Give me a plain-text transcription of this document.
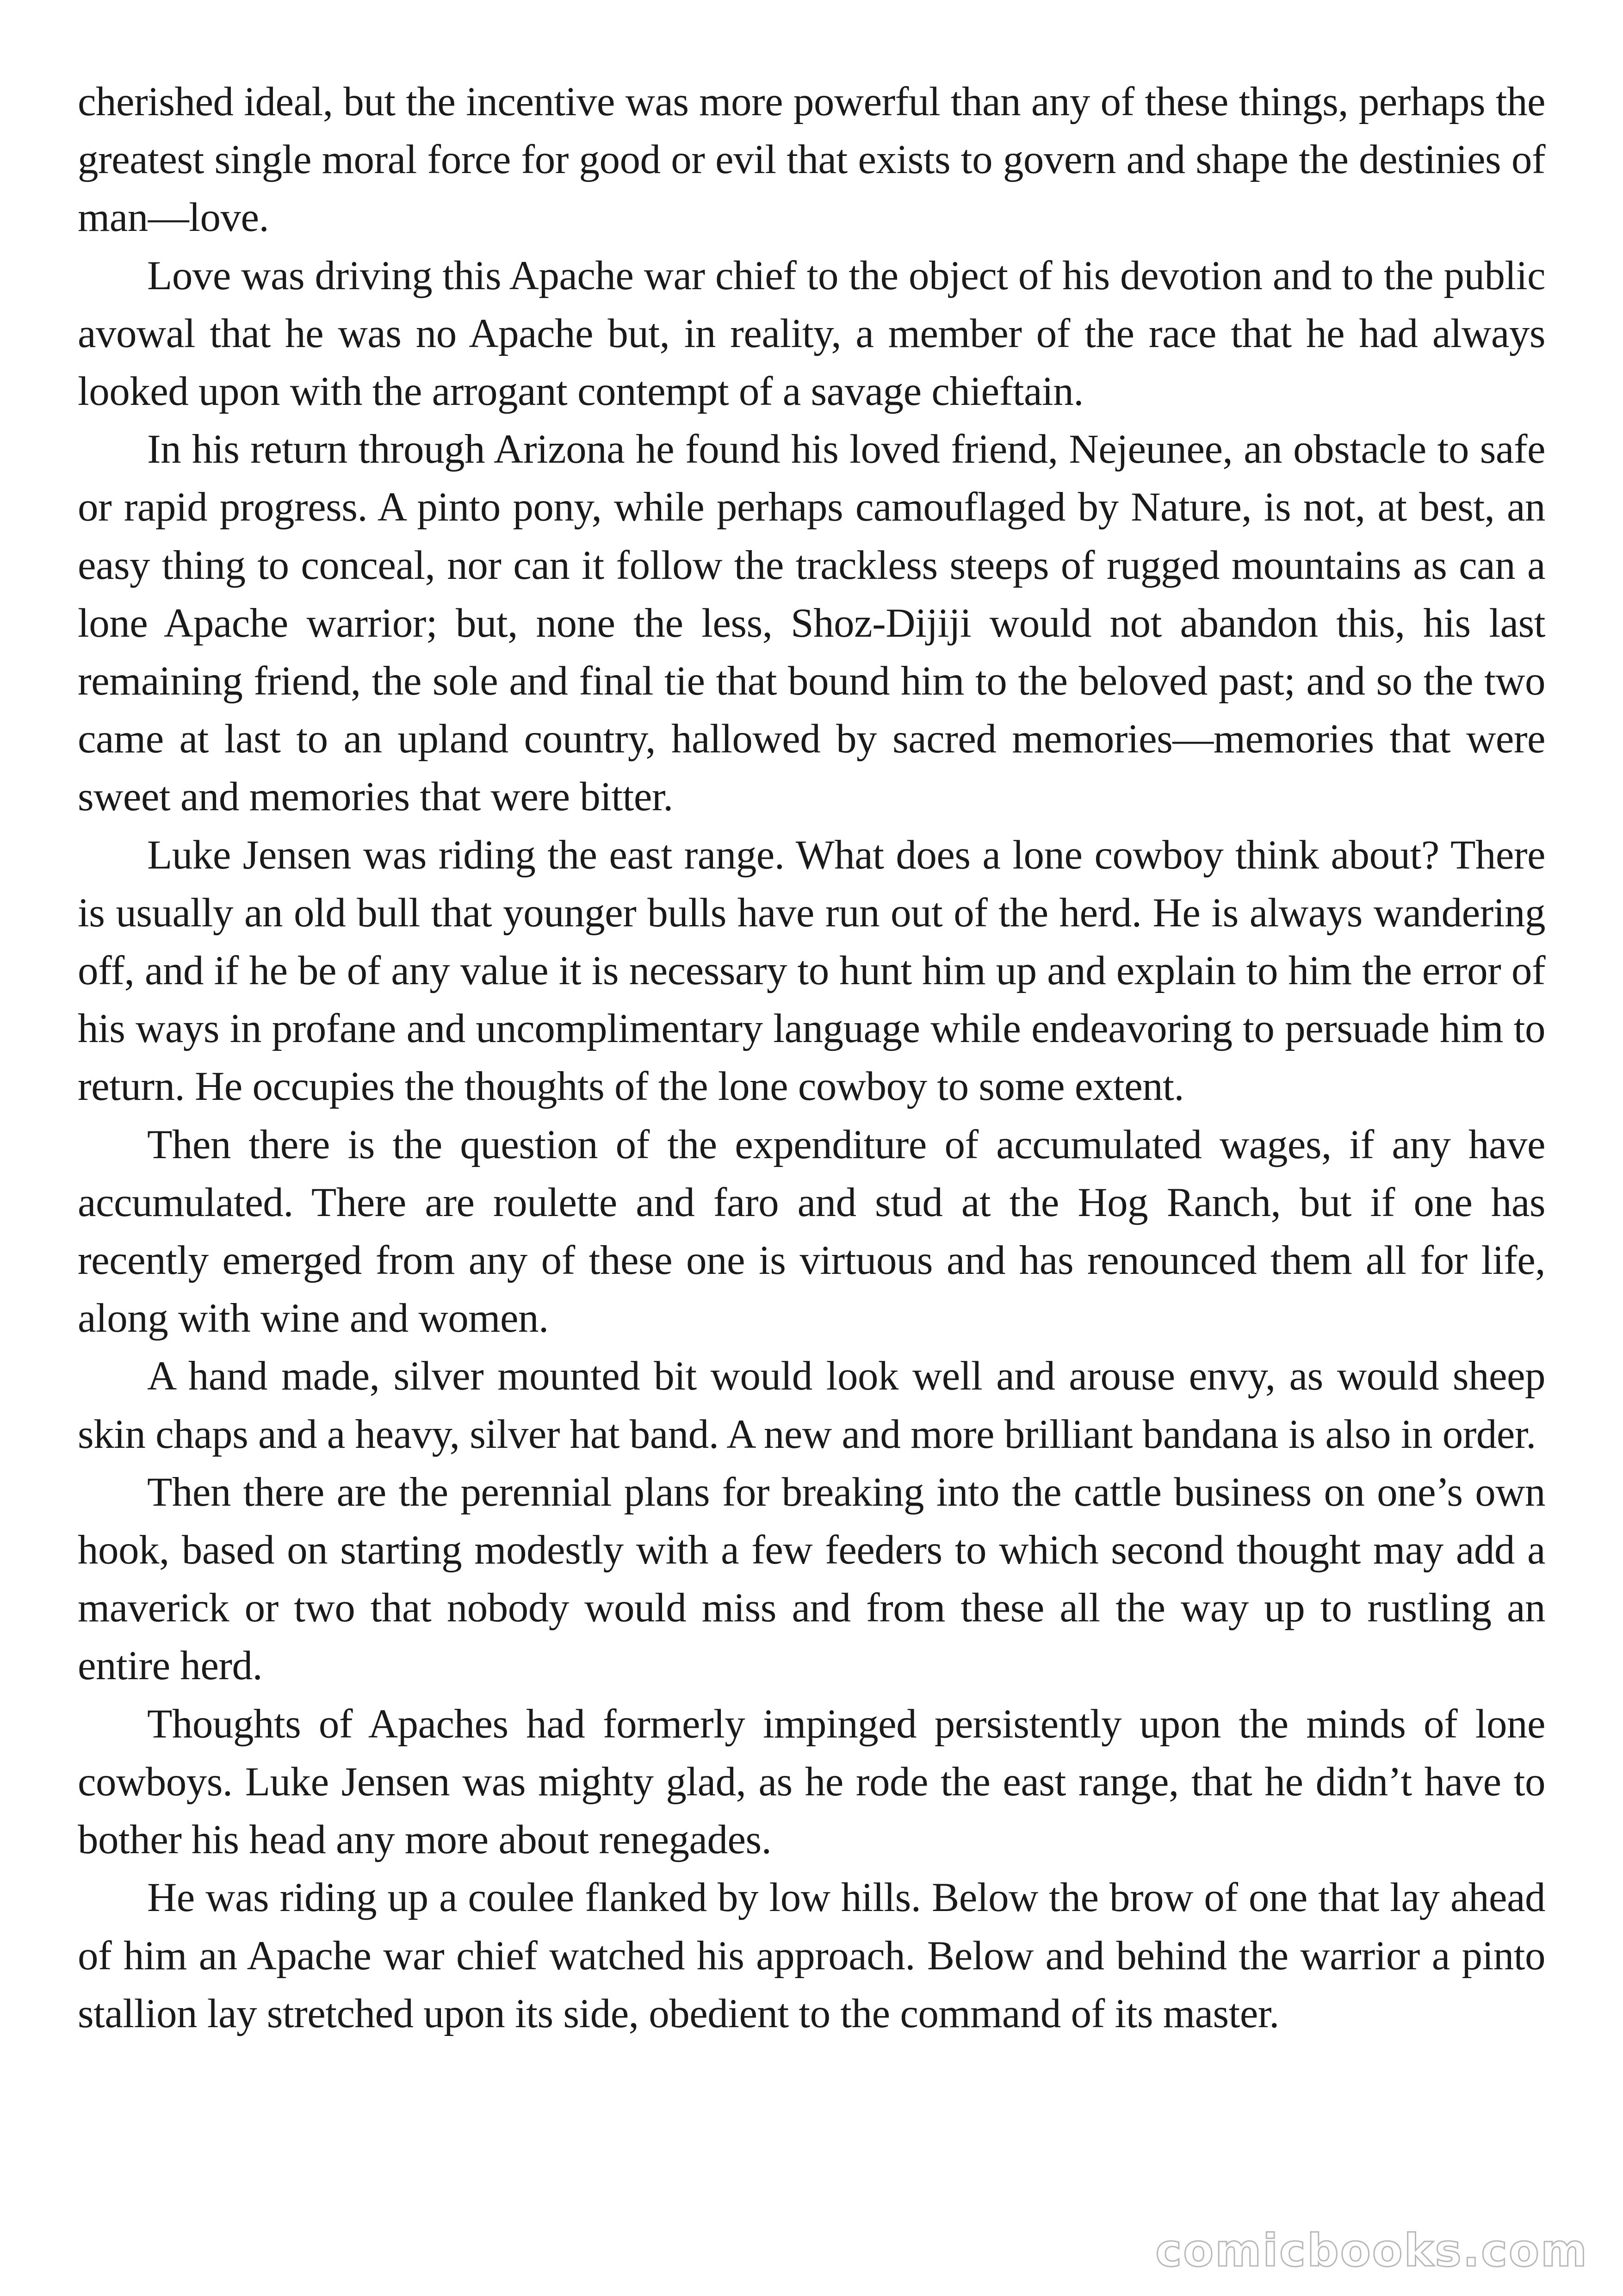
cherished ideal, but the incentive was more powerful than any of these things, perhaps the greatest single moral force for good or evil that exists to govern and shape the destinies of man—love.

Love was driving this Apache war chief to the object of his devotion and to the public avowal that he was no Apache but, in reality, a member of the race that he had always looked upon with the arrogant contempt of a savage chieftain.

In his return through Arizona he found his loved friend, Nejeunee, an obstacle to safe or rapid progress. A pinto pony, while perhaps camouflaged by Nature, is not, at best, an easy thing to conceal, nor can it follow the trackless steeps of rugged mountains as can a lone Apache warrior; but, none the less, Shoz-Dijiji would not abandon this, his last remaining friend, the sole and final tie that bound him to the beloved past; and so the two came at last to an upland country, hallowed by sacred memories—memories that were sweet and memories that were bitter.

Luke Jensen was riding the east range. What does a lone cowboy think about? There is usually an old bull that younger bulls have run out of the herd. He is always wandering off, and if he be of any value it is necessary to hunt him up and explain to him the error of his ways in profane and uncomplimentary language while endeavoring to persuade him to return. He occupies the thoughts of the lone cowboy to some extent.

Then there is the question of the expenditure of accumulated wages, if any have accumulated. There are roulette and faro and stud at the Hog Ranch, but if one has recently emerged from any of these one is virtuous and has renounced them all for life, along with wine and women.

A hand made, silver mounted bit would look well and arouse envy, as would sheep skin chaps and a heavy, silver hat band. A new and more brilliant bandana is also in order.

Then there are the perennial plans for breaking into the cattle business on one’s own hook, based on starting modestly with a few feeders to which second thought may add a maverick or two that nobody would miss and from these all the way up to rustling an entire herd.

Thoughts of Apaches had formerly impinged persistently upon the minds of lone cowboys. Luke Jensen was mighty glad, as he rode the east range, that he didn’t have to bother his head any more about renegades.

He was riding up a coulee flanked by low hills. Below the brow of one that lay ahead of him an Apache war chief watched his approach. Below and behind the warrior a pinto stallion lay stretched upon its side, obedient to the command of its master.

comicbooks.com
